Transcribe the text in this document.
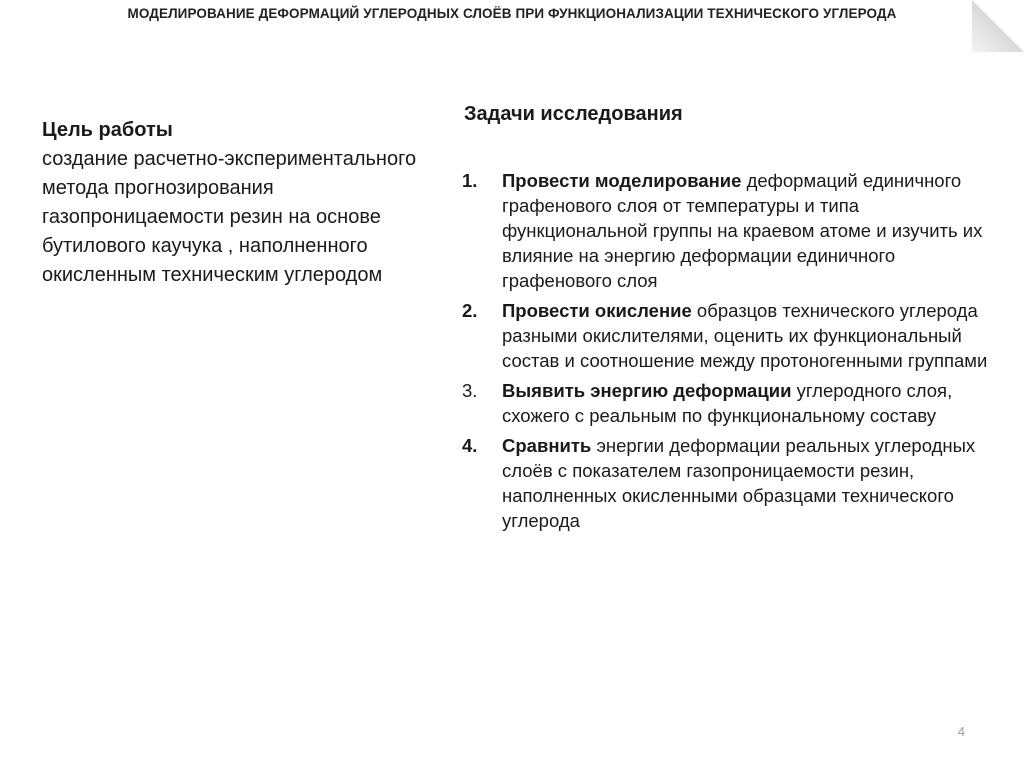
МОДЕЛИРОВАНИЕ ДЕФОРМАЦИЙ УГЛЕРОДНЫХ СЛОЁВ ПРИ ФУНКЦИОНАЛИЗАЦИИ ТЕХНИЧЕСКОГО УГЛЕРОДА
Цель работы
создание расчетно-экспериментального метода прогнозирования газопроницаемости резин на основе бутилового каучука , наполненного окисленным техническим углеродом
Задачи исследования
1.	Провести моделирование деформаций единичного графенового слоя от температуры и типа функциональной группы на краевом атоме и изучить их влияние на энергию деформации единичного графенового слоя
2.	Провести окисление образцов технического углерода разными окислителями, оценить их функциональный состав и соотношение между протоногенными группами
3.	Выявить энергию деформации углеродного слоя, схожего с реальным по функциональному составу
4.	Сравнить энергии деформации реальных углеродных слоёв с показателем газопроницаемости резин, наполненных окисленными образцами технического углерода
4
